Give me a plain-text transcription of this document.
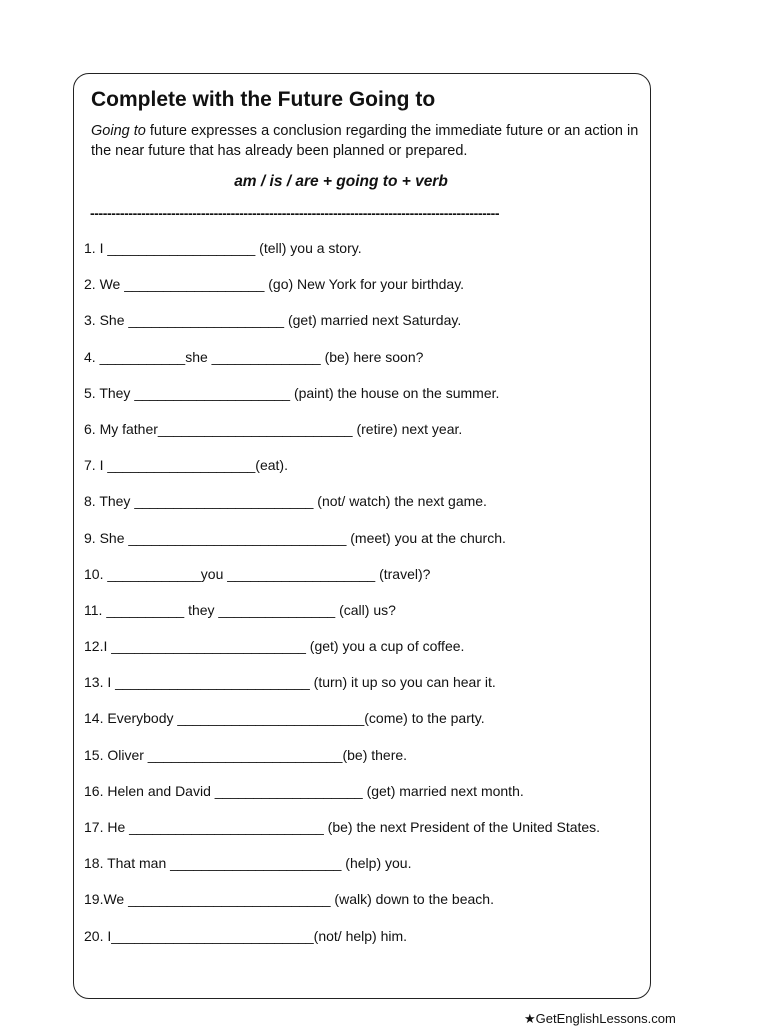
Complete with the Future Going to
Going to future expresses a conclusion regarding the immediate future or an action in the near future that has already been planned or prepared.
am / is / are + going to + verb
------------------------------------------------------------------------------------------------
1. I ___________________ (tell) you a story.
2. We __________________ (go) New York for your birthday.
3. She ____________________ (get) married next Saturday.
4. ___________she ______________ (be) here soon?
5. They ____________________ (paint) the house on the summer.
6. My father_________________________ (retire) next year.
7. I ___________________(eat).
8. They _______________________ (not/ watch) the next game.
9. She ____________________________ (meet) you at the church.
10. ____________you ___________________ (travel)?
11. __________ they _______________ (call) us?
12.I _________________________ (get) you a cup of coffee.
13. I _________________________ (turn) it up so you can hear it.
14. Everybody ________________________(come) to the party.
15. Oliver _________________________(be) there.
16. Helen and David ___________________ (get) married next month.
17. He _________________________ (be) the next President of the United States.
18. That man ______________________ (help) you.
19.We __________________________ (walk) down to the beach.
20. I__________________________(not/ help) him.
★GetEnglishLessons.com
